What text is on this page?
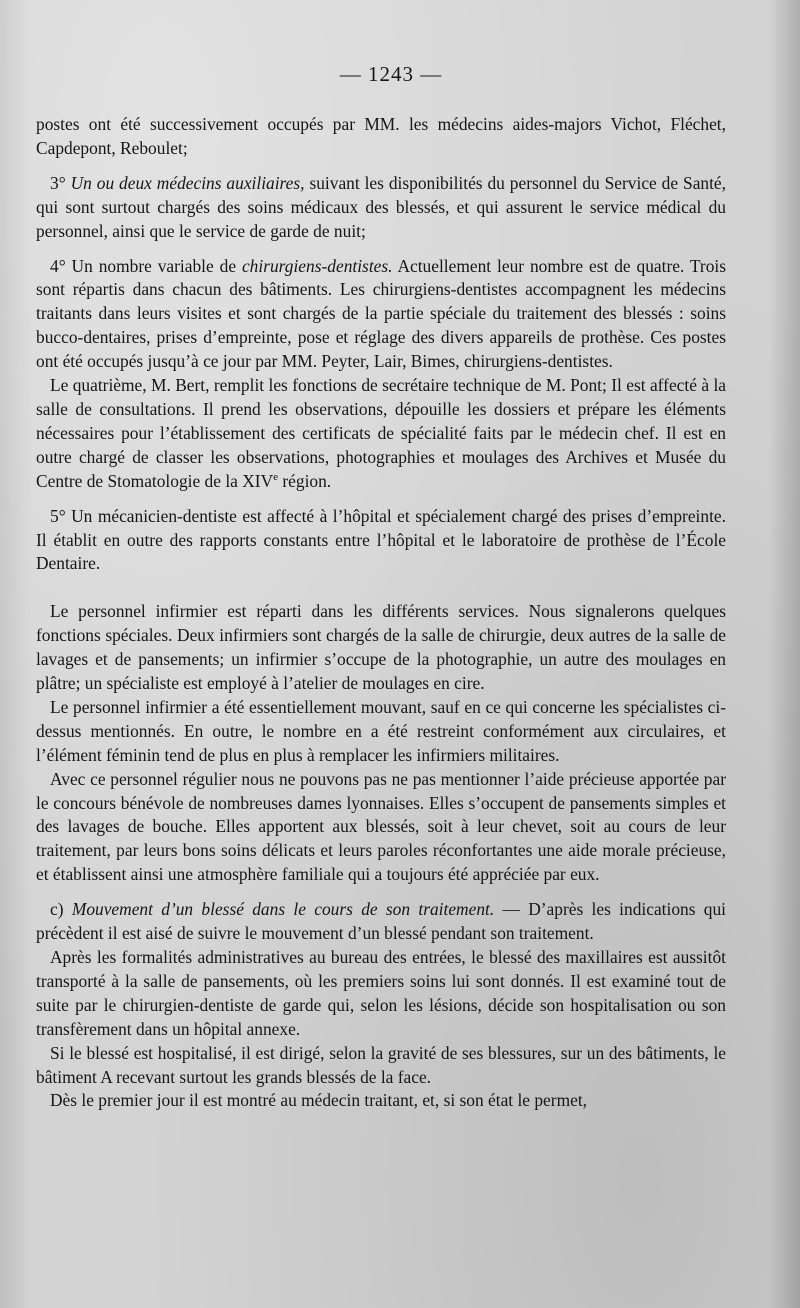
— 1243 —

postes ont été successivement occupés par MM. les médecins aides-majors Vichot, Fléchet, Capdepont, Reboulet;

3° Un ou deux médecins auxiliaires, suivant les disponibilités du personnel du Service de Santé, qui sont surtout chargés des soins médicaux des blessés, et qui assurent le service médical du personnel, ainsi que le service de garde de nuit;

4° Un nombre variable de chirurgiens-dentistes. Actuellement leur nombre est de quatre. Trois sont répartis dans chacun des bâtiments. Les chirurgiens-dentistes accompagnent les médecins traitants dans leurs visites et sont chargés de la partie spéciale du traitement des blessés : soins bucco-dentaires, prises d’empreinte, pose et réglage des divers appareils de prothèse. Ces postes ont été occupés jusqu’à ce jour par MM. Peyter, Lair, Bimes, chirurgiens-dentistes.

Le quatrième, M. Bert, remplit les fonctions de secrétaire technique de M. Pont; Il est affecté à la salle de consultations. Il prend les observations, dépouille les dossiers et prépare les éléments nécessaires pour l’établissement des certificats de spécialité faits par le médecin chef. Il est en outre chargé de classer les observations, photographies et moulages des Archives et Musée du Centre de Stomatologie de la XIVe région.

5° Un mécanicien-dentiste est affecté à l’hôpital et spécialement chargé des prises d’empreinte. Il établit en outre des rapports constants entre l’hôpital et le laboratoire de prothèse de l’École Dentaire.

Le personnel infirmier est réparti dans les différents services. Nous signalerons quelques fonctions spéciales. Deux infirmiers sont chargés de la salle de chirurgie, deux autres de la salle de lavages et de pansements; un infirmier s’occupe de la photographie, un autre des moulages en plâtre; un spécialiste est employé à l’atelier de moulages en cire.

Le personnel infirmier a été essentiellement mouvant, sauf en ce qui concerne les spécialistes ci-dessus mentionnés. En outre, le nombre en a été restreint conformément aux circulaires, et l’élément féminin tend de plus en plus à remplacer les infirmiers militaires.

Avec ce personnel régulier nous ne pouvons pas ne pas mentionner l’aide précieuse apportée par le concours bénévole de nombreuses dames lyonnaises. Elles s’occupent de pansements simples et des lavages de bouche. Elles apportent aux blessés, soit à leur chevet, soit au cours de leur traitement, par leurs bons soins délicats et leurs paroles réconfortantes une aide morale précieuse, et établissent ainsi une atmosphère familiale qui a toujours été appréciée par eux.

c) Mouvement d’un blessé dans le cours de son traitement. — D’après les indications qui précèdent il est aisé de suivre le mouvement d’un blessé pendant son traitement.

Après les formalités administratives au bureau des entrées, le blessé des maxillaires est aussitôt transporté à la salle de pansements, où les premiers soins lui sont donnés. Il est examiné tout de suite par le chirurgien-dentiste de garde qui, selon les lésions, décide son hospitalisation ou son transfèrement dans un hôpital annexe.

Si le blessé est hospitalisé, il est dirigé, selon la gravité de ses blessures, sur un des bâtiments, le bâtiment A recevant surtout les grands blessés de la face.

Dès le premier jour il est montré au médecin traitant, et, si son état le permet,
